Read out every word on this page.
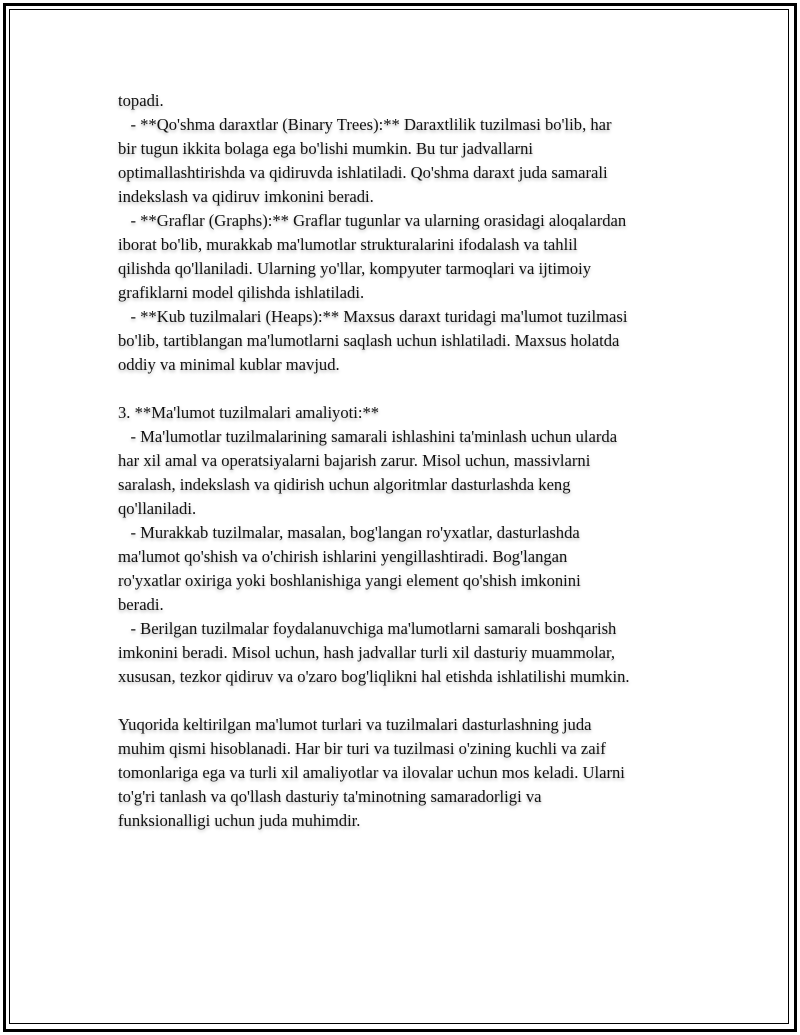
topadi.
- **Qo'shma daraxtlar (Binary Trees):** Daraxtlilik tuzilmasi bo'lib, har
bir tugun ikkita bolaga ega bo'lishi mumkin. Bu tur jadvallarni
optimallashtirishda va qidiruvda ishlatiladi. Qo'shma daraxt juda samarali
indekslash va qidiruv imkonini beradi.
- **Graflar (Graphs):** Graflar tugunlar va ularning orasidagi aloqalardan
iborat bo'lib, murakkab ma'lumotlar strukturalarini ifodalash va tahlil
qilishda qo'llaniladi. Ularning yo'llar, kompyuter tarmoqlari va ijtimoiy
grafiklarni model qilishda ishlatiladi.
- **Kub tuzilmalari (Heaps):** Maxsus daraxt turidagi ma'lumot tuzilmasi
bo'lib, tartiblangan ma'lumotlarni saqlash uchun ishlatiladi. Maxsus holatda
oddiy va minimal kublar mavjud.
3. **Ma'lumot tuzilmalari amaliyoti:**
- Ma'lumotlar tuzilmalarining samarali ishlashini ta'minlash uchun ularda
har xil amal va operatsiyalarni bajarish zarur. Misol uchun, massivlarni
saralash, indekslash va qidirish uchun algoritmlar dasturlashda keng
qo'llaniladi.
- Murakkab tuzilmalar, masalan, bog'langan ro'yxatlar, dasturlashda
ma'lumot qo'shish va o'chirish ishlarini yengillashtiradi. Bog'langan
ro'yxatlar oxiriga yoki boshlanishiga yangi element qo'shish imkonini
beradi.
- Berilgan tuzilmalar foydalanuvchiga ma'lumotlarni samarali boshqarish
imkonini beradi. Misol uchun, hash jadvallar turli xil dasturiy muammolar,
xususan, tezkor qidiruv va o'zaro bog'liqlikni hal etishda ishlatilishi mumkin.
Yuqorida keltirilgan ma'lumot turlari va tuzilmalari dasturlashning juda
muhim qismi hisoblanadi. Har bir turi va tuzilmasi o'zining kuchli va zaif
tomonlariga ega va turli xil amaliyotlar va ilovalar uchun mos keladi. Ularni
to'g'ri tanlash va qo'llash dasturiy ta'minotning samaradorligi va
funksionalligi uchun juda muhimdir.
